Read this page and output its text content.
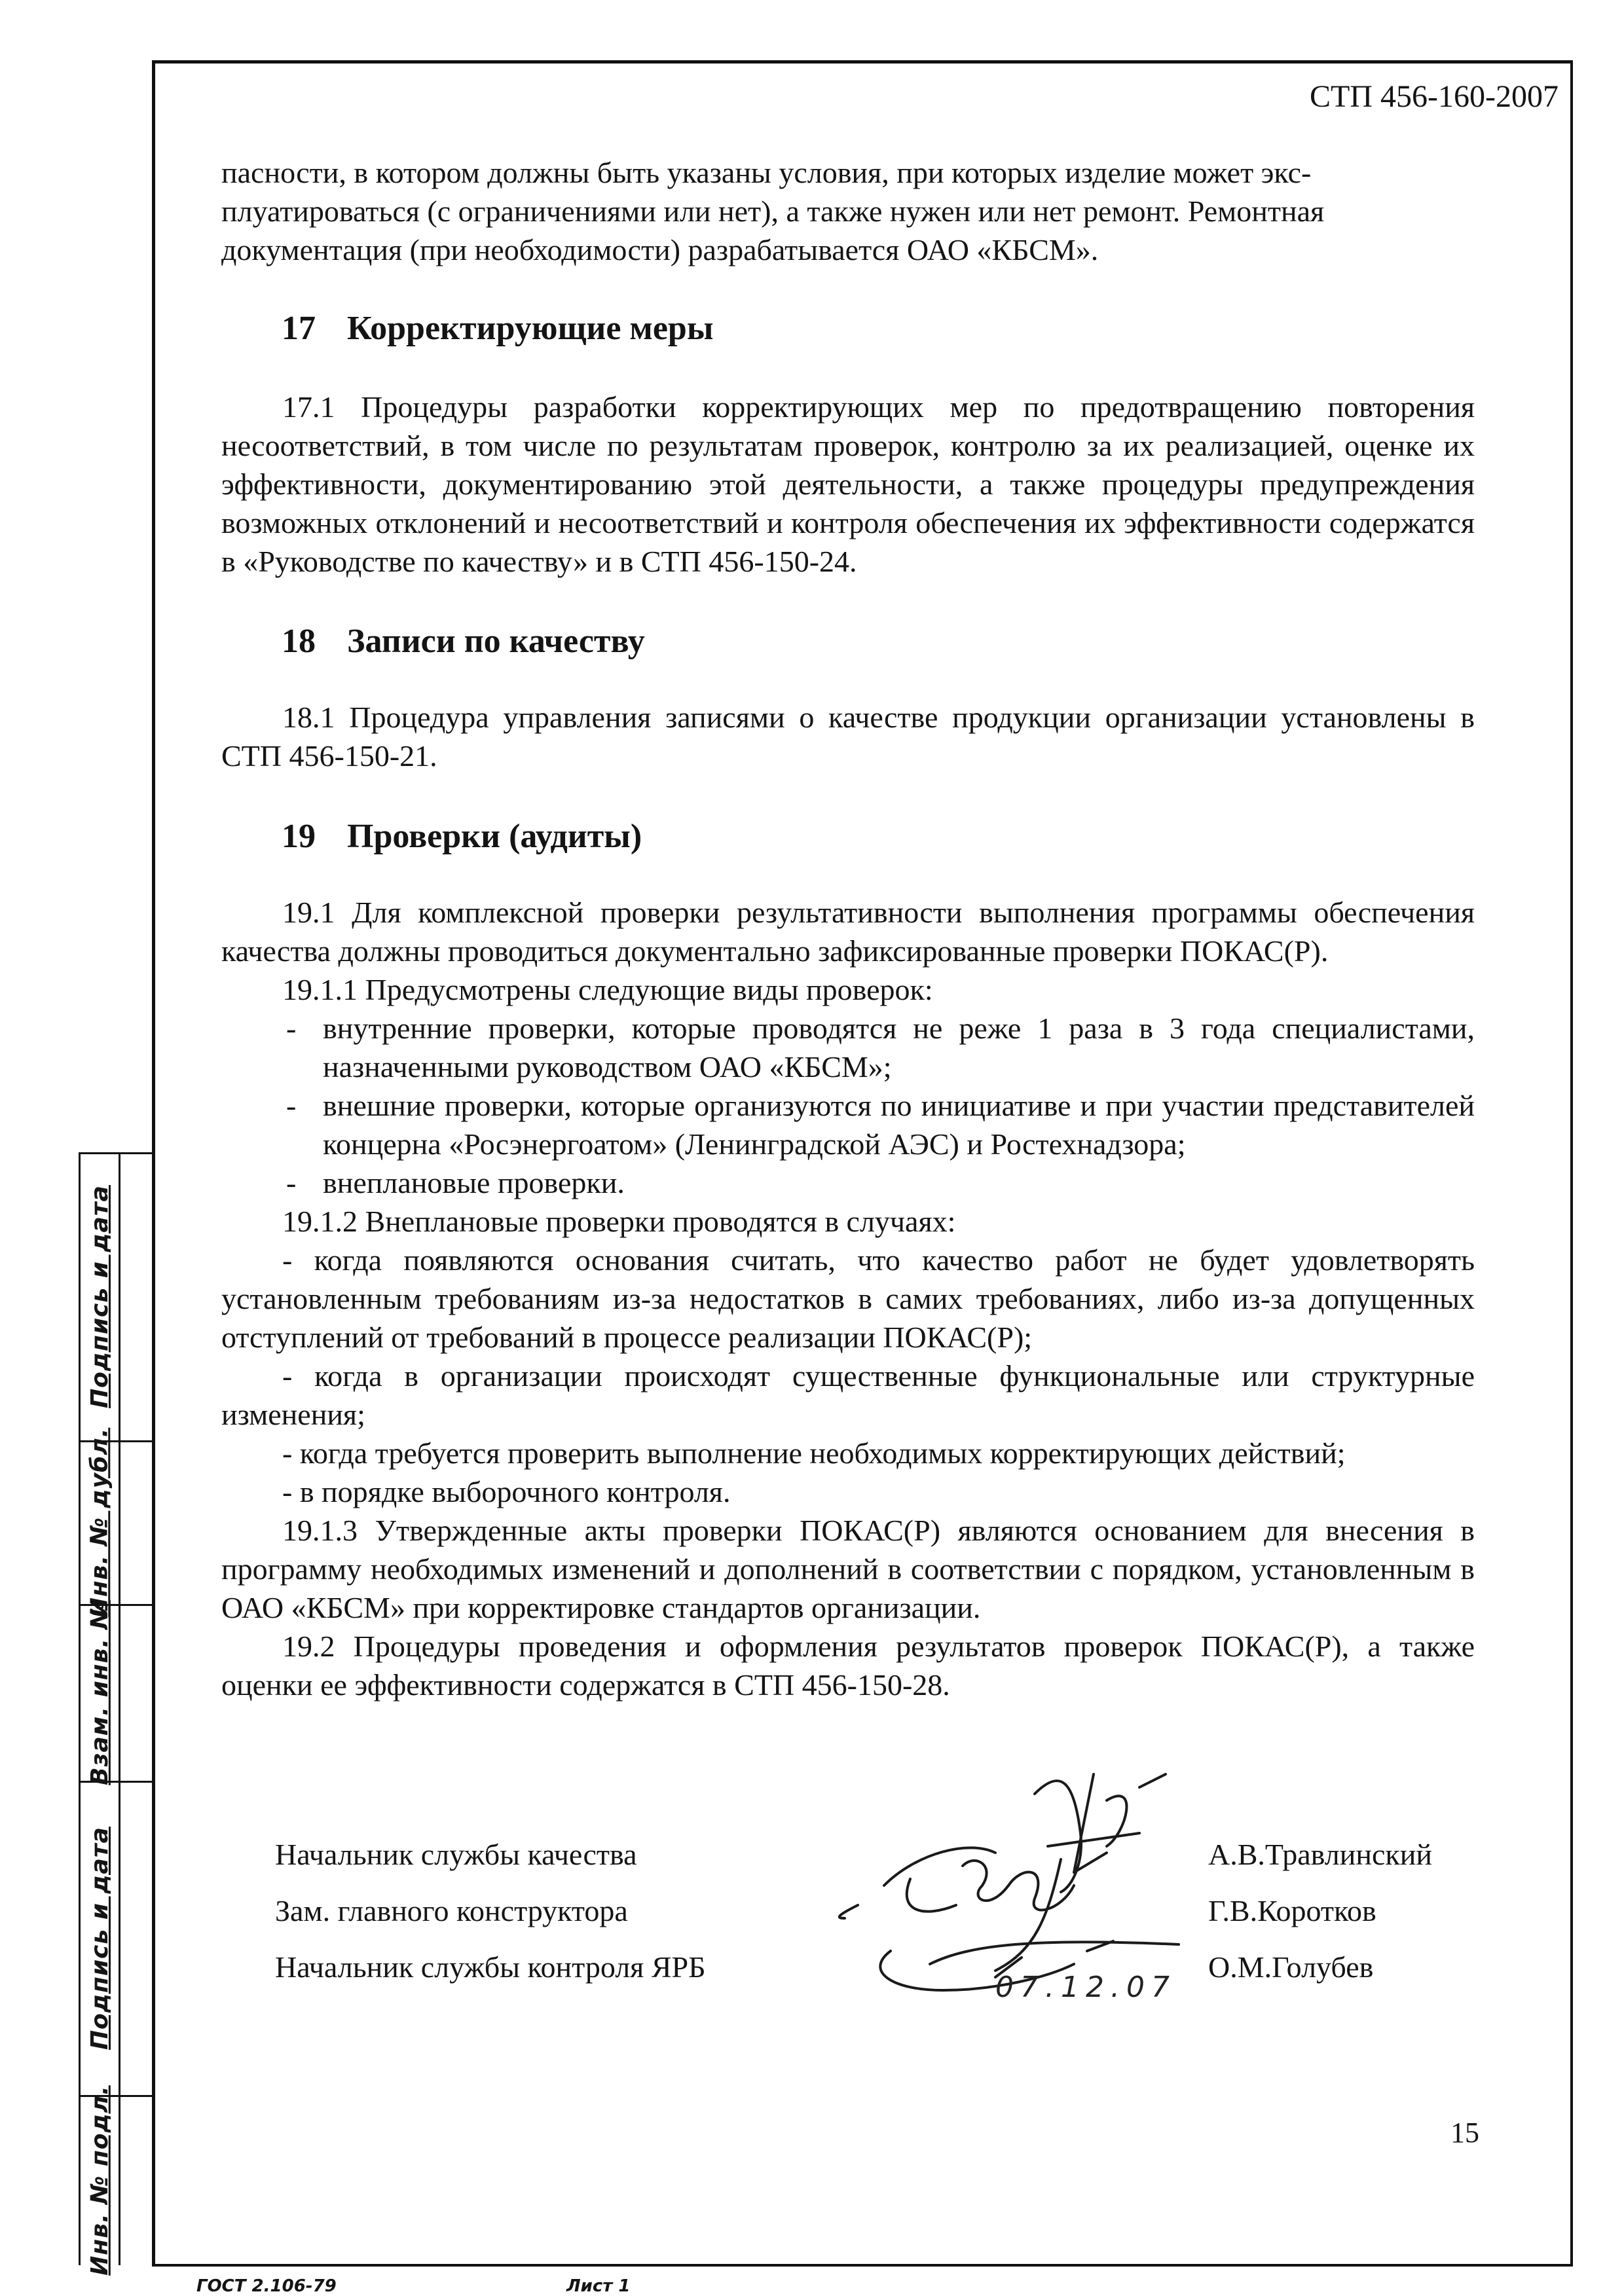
Инв. № подл.
Подпись и дата
Взам. инв. №
Инв. № дубл.
Подпись и дата
СТП 456-160-2007

пасности, в котором должны быть указаны условия, при которых изделие может экс-

плуатироваться (с ограничениями или нет), а также нужен или нет ремонт. Ремонтная

документация (при необходимости) разрабатывается ОАО «КБСМ».

17 Корректирующие меры

17.1 Процедуры разработки корректирующих мер по предотвращению повторения несоответствий, в том числе по результатам проверок, контролю за их реализацией, оценке их эффективности, документированию этой деятельности, а также процедуры предупреждения возможных отклонений и несоответствий и контроля обеспечения их эффективности содержатся в «Руководстве по качеству» и в СТП 456-150-24.

18 Записи по качеству

18.1 Процедура управления записями о качестве продукции организации установлены в СТП 456-150-21.

19 Проверки (аудиты)

19.1 Для комплексной проверки результативности выполнения программы обеспечения качества должны проводиться документально зафиксированные проверки ПОКАС(Р).

19.1.1 Предусмотрены следующие виды проверок:

- внутренние проверки, которые проводятся не реже 1 раза в 3 года специалистами, назначенными руководством ОАО «КБСМ»;
- внешние проверки, которые организуются по инициативе и при участии представителей концерна «Росэнергоатом» (Ленинградской АЭС) и Ростехнадзора;
- внеплановые проверки.

19.1.2 Внеплановые проверки проводятся в случаях:

- когда появляются основания считать, что качество работ не будет удовлетворять установленным требованиям из-за недостатков в самих требованиях, либо из-за допущенных отступлений от требований в процессе реализации ПОКАС(Р);

- когда в организации происходят существенные функциональные или структурные изменения;

- когда требуется проверить выполнение необходимых корректирующих действий;

- в порядке выборочного контроля.

19.1.3 Утвержденные акты проверки ПОКАС(Р) являются основанием для внесения в программу необходимых изменений и дополнений в соответствии с порядком, установленным в ОАО «КБСМ» при корректировке стандартов организации.

19.2 Процедуры проведения и оформления результатов проверок ПОКАС(Р), а также оценки ее эффективности содержатся в СТП 456-150-28.

Начальник службы качества	А.В.Травлинский
Зам. главного конструктора	Г.В.Коротков
Начальник службы контроля ЯРБ	О.М.Голубев
07.12.07
15
ГОСТ 2.106-79	Лист 1
